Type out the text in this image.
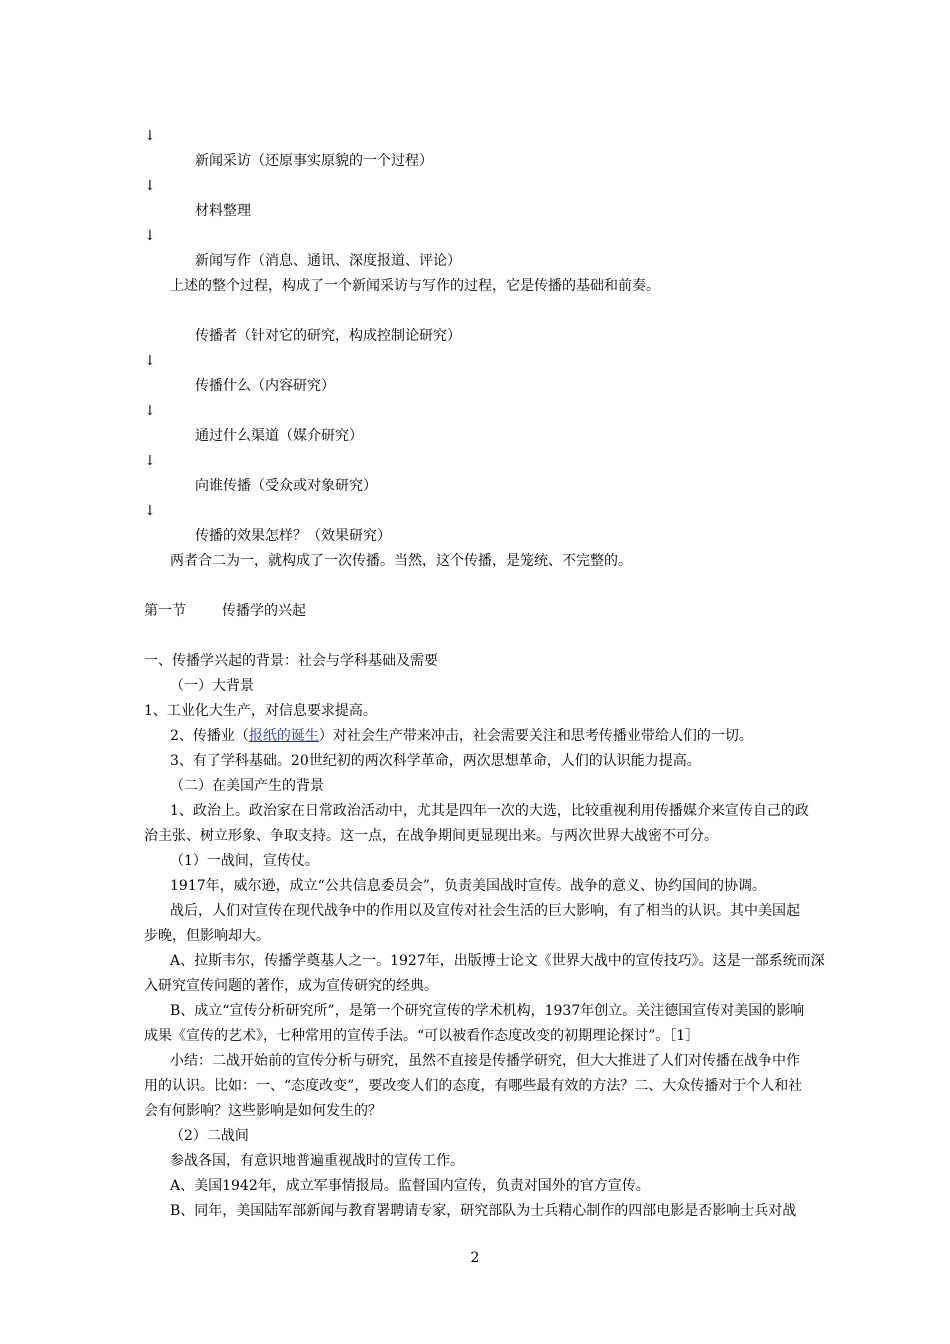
↓
新闻采访（还原事实原貌的一个过程）
↓
材料整理
↓
新闻写作（消息、通讯、深度报道、评论）
上述的整个过程，构成了一个新闻采访与写作的过程，它是传播的基础和前奏。
传播者（针对它的研究，构成控制论研究）
↓
传播什么（内容研究）
↓
通过什么渠道（媒介研究）
↓
向谁传播（受众或对象研究）
↓
传播的效果怎样？（效果研究）
两者合二为一，就构成了一次传播。当然，这个传播，是笼统、不完整的。
第一节	传播学的兴起
一、传播学兴起的背景：社会与学科基础及需要
（一）大背景
1、工业化大生产，对信息要求提高。
2、传播业（报纸的诞生）对社会生产带来冲击，社会需要关注和思考传播业带给人们的一切。
3、有了学科基础。20世纪初的两次科学革命，两次思想革命，人们的认识能力提高。
（二）在美国产生的背景
1、政治上。政治家在日常政治活动中，尤其是四年一次的大选，比较重视利用传播媒介来宣传自己的政
治主张、树立形象、争取支持。这一点，在战争期间更显现出来。与两次世界大战密不可分。
（1）一战间，宣传仗。
1917年，威尔逊，成立“公共信息委员会”，负责美国战时宣传。战争的意义、协约国间的协调。
战后，人们对宣传在现代战争中的作用以及宣传对社会生活的巨大影响，有了相当的认识。其中美国起
步晚，但影响却大。
A、拉斯韦尔，传播学奠基人之一。1927年，出版博士论文《世界大战中的宣传技巧》。这是一部系统而深
入研究宣传问题的著作，成为宣传研究的经典。
B、成立“宣传分析研究所”，是第一个研究宣传的学术机构，1937年创立。关注德国宣传对美国的影响
成果《宣传的艺术》，七种常用的宣传手法。“可以被看作态度改变的初期理论探讨”。［1］
小结：二战开始前的宣传分析与研究，虽然不直接是传播学研究，但大大推进了人们对传播在战争中作
用的认识。比如：一、“态度改变”，要改变人们的态度，有哪些最有效的方法？二、大众传播对于个人和社
会有何影响？这些影响是如何发生的？
（2）二战间
参战各国，有意识地普遍重视战时的宣传工作。
A、美国1942年，成立军事情报局。监督国内宣传，负责对国外的官方宣传。
B、同年，美国陆军部新闻与教育署聘请专家，研究部队为士兵精心制作的四部电影是否影响士兵对战
2
